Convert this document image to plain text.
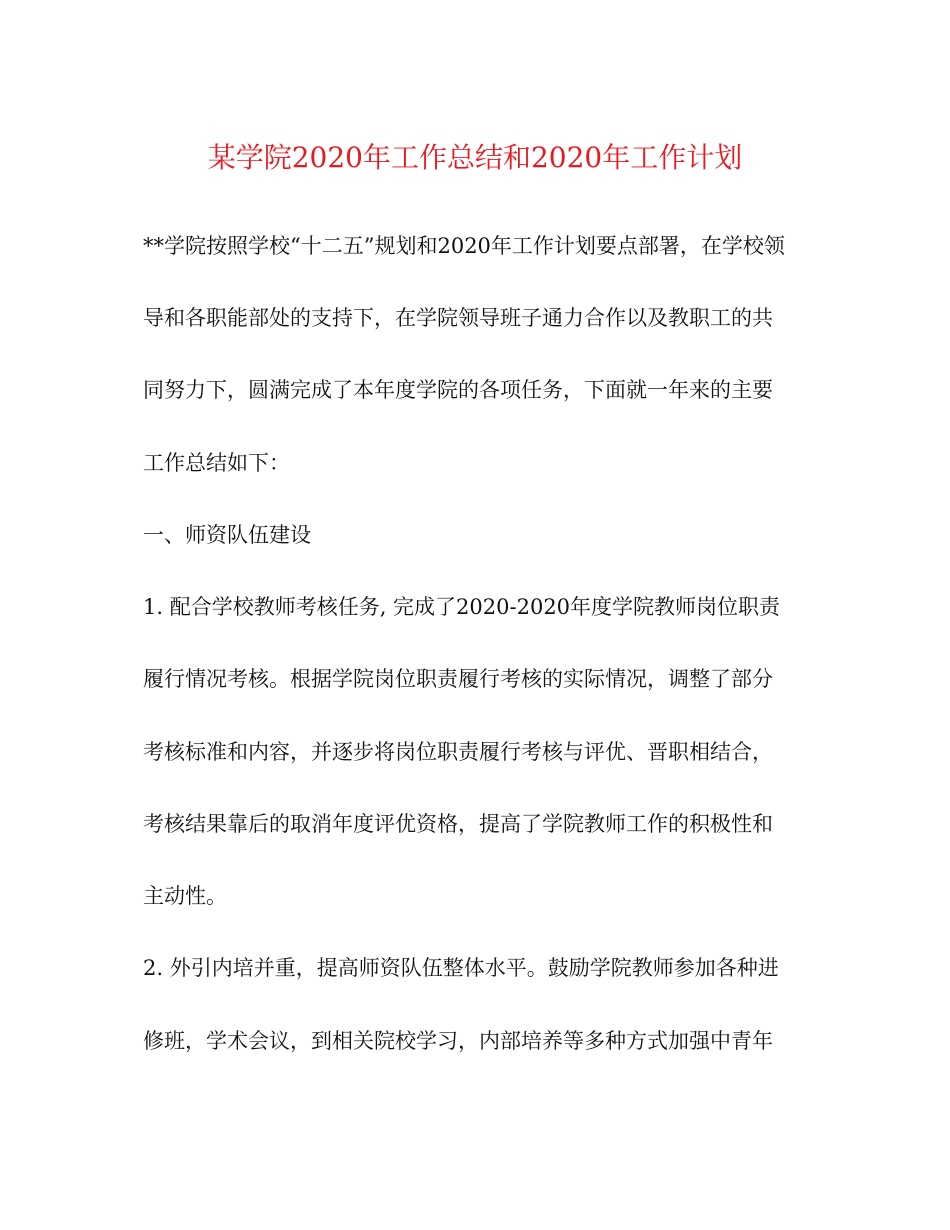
某学院2020年工作总结和2020年工作计划
**学院按照学校“十二五”规划和2020年工作计划要点部署，在学校领
导和各职能部处的支持下，在学院领导班子通力合作以及教职工的共
同努力下，圆满完成了本年度学院的各项任务，下面就一年来的主要
工作总结如下：
一、师资队伍建设
1. 配合学校教师考核任务, 完成了2020-2020年度学院教师岗位职责
履行情况考核。根据学院岗位职责履行考核的实际情况，调整了部分
考核标准和内容，并逐步将岗位职责履行考核与评优、晋职相结合，
考核结果靠后的取消年度评优资格，提高了学院教师工作的积极性和
主动性。
2. 外引内培并重，提高师资队伍整体水平。鼓励学院教师参加各种进
修班，学术会议，到相关院校学习，内部培养等多种方式加强中青年
